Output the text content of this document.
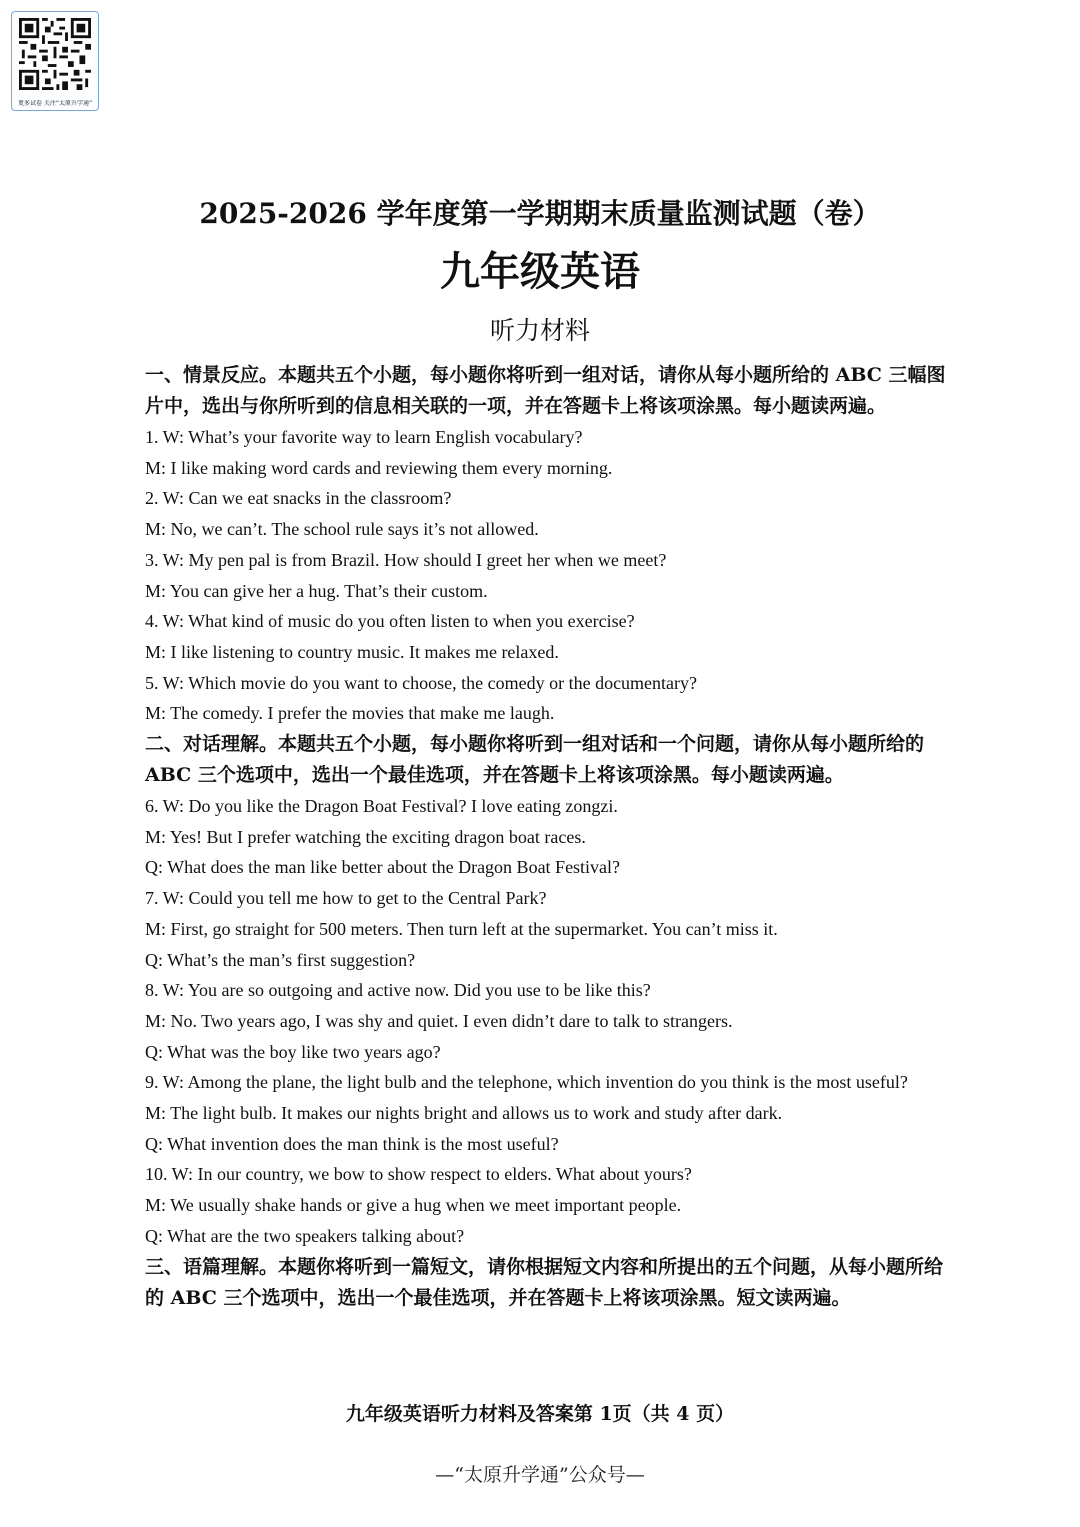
更多试卷 关注“太原升学通”
2025-2026 学年度第一学期期末质量监测试题（卷）
九年级英语
听力材料

一、情景反应。本题共五个小题，每小题你将听到一组对话，请你从每小题所给的 ABC 三幅图片中，选出与你所听到的信息相关联的一项，并在答题卡上将该项涂黑。每小题读两遍。

1. W: What’s your favorite way to learn English vocabulary?

M: I like making word cards and reviewing them every morning.

2. W: Can we eat snacks in the classroom?

M: No, we can’t. The school rule says it’s not allowed.

3. W: My pen pal is from Brazil. How should I greet her when we meet?

M: You can give her a hug. That’s their custom.

4. W: What kind of music do you often listen to when you exercise?

M: I like listening to country music. It makes me relaxed.

5. W: Which movie do you want to choose, the comedy or the documentary?

M: The comedy. I prefer the movies that make me laugh.

二、对话理解。本题共五个小题，每小题你将听到一组对话和一个问题，请你从每小题所给的 ABC 三个选项中，选出一个最佳选项，并在答题卡上将该项涂黑。每小题读两遍。

6. W: Do you like the Dragon Boat Festival? I love eating zongzi.

M: Yes! But I prefer watching the exciting dragon boat races.

Q: What does the man like better about the Dragon Boat Festival?

7. W: Could you tell me how to get to the Central Park?

M: First, go straight for 500 meters. Then turn left at the supermarket. You can’t miss it.

Q: What’s the man’s first suggestion?

8. W: You are so outgoing and active now. Did you use to be like this?

M: No. Two years ago, I was shy and quiet. I even didn’t dare to talk to strangers.

Q: What was the boy like two years ago?

9. W: Among the plane, the light bulb and the telephone, which invention do you think is the most useful?

M: The light bulb. It makes our nights bright and allows us to work and study after dark.

Q: What invention does the man think is the most useful?

10. W: In our country, we bow to show respect to elders. What about yours?

M: We usually shake hands or give a hug when we meet important people.

Q: What are the two speakers talking about?

三、语篇理解。本题你将听到一篇短文，请你根据短文内容和所提出的五个问题，从每小题所给的 ABC 三个选项中，选出一个最佳选项，并在答题卡上将该项涂黑。短文读两遍。

九年级英语听力材料及答案第 1页（共 4 页）
—“太原升学通”公众号—
